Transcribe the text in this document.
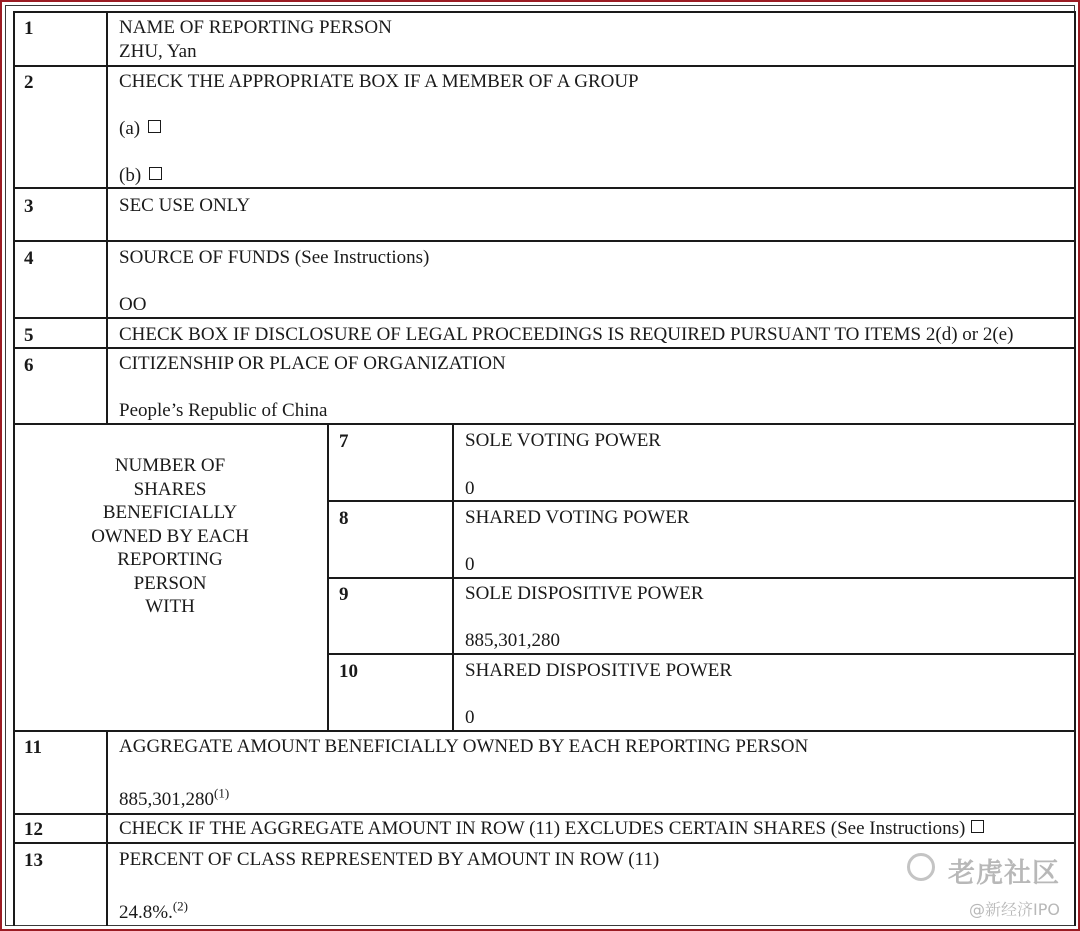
1	NAME OF REPORTING PERSON
ZHU, Yan
2	CHECK THE APPROPRIATE BOX IF A MEMBER OF A GROUP
(a)
(b)
3	SEC USE ONLY
4	SOURCE OF FUNDS (See Instructions)
OO
5	CHECK BOX IF DISCLOSURE OF LEGAL PROCEEDINGS IS REQUIRED PURSUANT TO ITEMS 2(d) or 2(e)
6	CITIZENSHIP OR PLACE OF ORGANIZATION
People’s Republic of China
NUMBER OF
SHARES
BENEFICIALLY
OWNED BY EACH
REPORTING
PERSON
WITH
7	SOLE VOTING POWER
0
8	SHARED VOTING POWER
0
9	SOLE DISPOSITIVE POWER
885,301,280
10	SHARED DISPOSITIVE POWER
0
11	AGGREGATE AMOUNT BENEFICIALLY OWNED BY EACH REPORTING PERSON
885,301,280$^{(1)}$
12	CHECK IF THE AGGREGATE AMOUNT IN ROW (11) EXCLUDES CERTAIN SHARES (See Instructions)
13	PERCENT OF CLASS REPRESENTED BY AMOUNT IN ROW (11)
24.8%.$^{(2)}$
老虎社区
@新经济IPO
